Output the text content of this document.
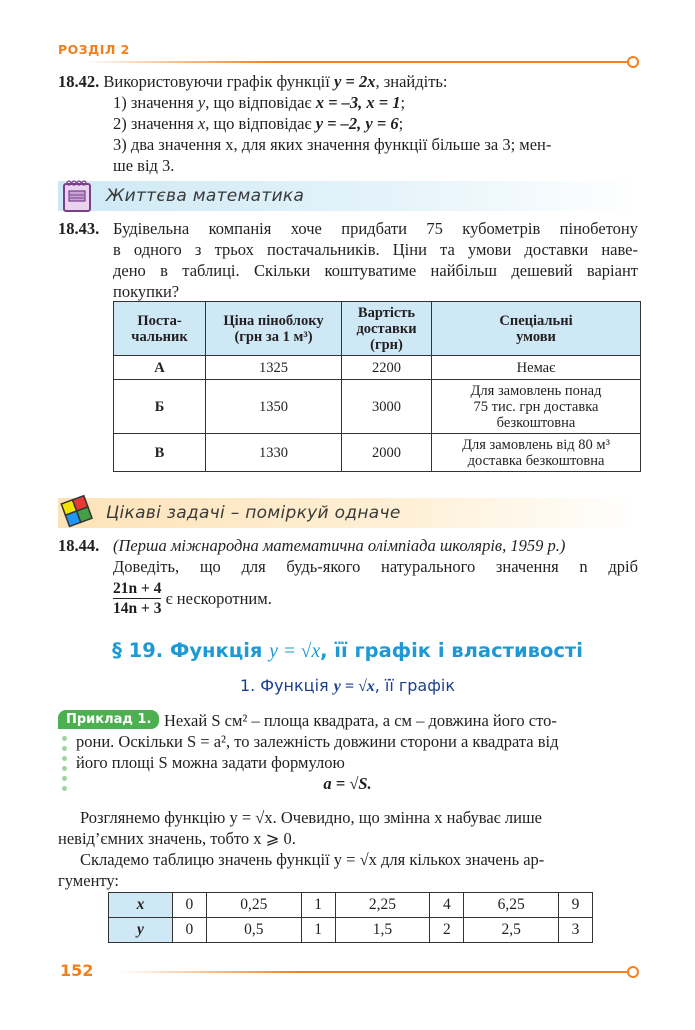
РОЗДІЛ 2
18.42. Використовуючи графік функції y = 2x, знайдіть:
1) значення y, що відповідає x = –3, x = 1;
2) значення x, що відповідає y = –2, y = 6;
3) два значення x, для яких значення функції більше за 3; мен-
ше від 3.
Життєва математика
18.43. Будівельна компанія хоче придбати 75 кубометрів пінобетону
в одного з трьох постачальників. Ціни та умови доставки наве-
дено в таблиці. Скільки коштуватиме найбільш дешевий варіант
покупки?
Поста-
чальник

Ціна піноблоку
(грн за 1 м³)

Вартість
доставки
(грн)

Спеціальні
умови

А	1325	2200	Немає

Б	1350	3000	Для замовлень понад
75 тис. грн доставка
безкоштовна

В	1330	2000	Для замовлень від 80 м³
доставка безкоштовна
Цікаві задачі – поміркуй одначе
18.44. (Перша міжнародна математична олімпіада школярів, 1959 р.)
Доведіть, що для будь-якого натурального значення n дріб
$\frac{21n + 4}{14n + 3}$ є нескоротним.
§ 19. Функція y = √x, її графік і властивості
1. Функція y = √x, її графік
Приклад 1. Нехай S см² – площа квадрата, a см – довжина його сто-
рони. Оскільки S = a², то залежність довжини сторони a квадрата від
його площі S можна задати формулою
a = √S.
Розглянемо функцію y = √x. Очевидно, що змінна x набуває лише
невід’ємних значень, тобто x ⩾ 0.
Складемо таблицю значень функції y = √x для кількох значень ар-
гументу:
x	0	0,25	1	2,25	4	6,25	9
y	0	0,5	1	1,5	2	2,5	3
152
